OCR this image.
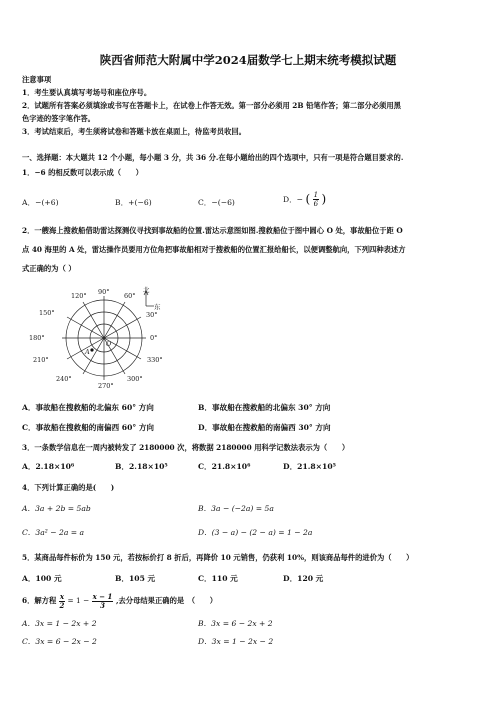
陕西省师范大附属中学2024届数学七上期末统考模拟试题
注意事项
1．考生要认真填写考场号和座位序号。
2．试题所有答案必须填涂或书写在答题卡上，在试卷上作答无效。第一部分必须用 2B 铅笔作答；第二部分必须用黑
色字迹的签字笔作答。
3．考试结束后，考生须将试卷和答题卡放在桌面上，待监考员收回。
一、选择题：本大题共 12 个小题，每小题 3 分，共 36 分.在每小题给出的四个选项中，只有一项是符合题目要求的.
1．−6 的相反数可以表示成（　　）
A．−(+6)	B．+(−6)	C．−(−6)	D．− ( $\frac{1}{6}$ )
2．一艘海上搜救船借助雷达探测仪寻找到事故船的位置.雷达示意图如图.搜救船位于图中圆心 O 处，事故船位于距 O
点 40 海里的 A 处，雷达操作员要用方位角把事故船相对于搜救船的位置汇报给船长，以便调整航向，下列四种表述方
式正确的为（ ）
90° 60°
120°
150°	30°
180°	0°
210°	330°
240°	300°
270°
A
O
北
东
A．事故船在搜救船的北偏东 60° 方向	B．事故船在搜救船的北偏东 30° 方向
C．事故船在搜救船的南偏西 60° 方向	D．事故船在搜救船的南偏西 30° 方向
3．一条数学信息在一周内被转发了 2180000 次，将数据 2180000 用科学记数法表示为（　　）
A．2.18×10⁶	B．2.18×10⁵	C．21.8×10⁶	D．21.8×10⁵
4．下列计算正确的是(　　)
A．3a + 2b = 5ab	B．3a − (−2a) = 5a
C．3a² − 2a = a	D．(3 − a) − (2 − a) = 1 − 2a
5．某商品每件标价为 150 元，若按标价打 8 折后，再降价 10 元销售，仍获利 10%，则该商品每件的进价为（　　）
A．100 元	B．105 元	C．110 元	D．120 元
6．解方程 $\frac{x}{2} = 1 - \frac{x - 1}{3}$ ,去分母结果正确的是　（　　）
A．3x = 1 − 2x + 2	B．3x = 6 − 2x + 2
C．3x = 6 − 2x − 2	D．3x = 1 − 2x − 2
